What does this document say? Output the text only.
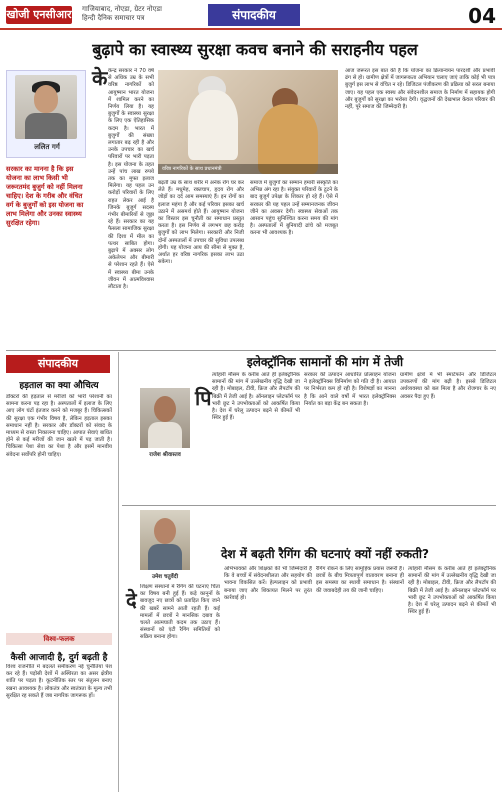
खोजी एनसीआर गाजियाबाद, नोएडा, ग्रेटर नोएडा
हिन्दी दैनिक समाचार पत्र	संपादकीय	04
बुढ़ापे का स्वास्थ्य सुरक्षा कवच बनाने की सराहनीय पहल
ललित गर्ग
सरकार का मानना है कि इस योजना का लाभ किसी भी जरूरतमंद बुजुर्ग को नहीं मिलना चाहिए। देश के गरीब और वंचित वर्ग के बुजुर्गों को इस योजना का लाभ मिलेगा और उनका स्वास्थ्य सुरक्षित रहेगा।
के केन्द्र सरकार ने 70 वर्ष से अधिक उम्र के सभी वरिष्ठ नागरिकों को आयुष्मान भारत योजना में शामिल करने का निर्णय लिया है। यह बुजुर्गों के स्वास्थ्य सुरक्षा के लिए एक ऐतिहासिक कदम है। भारत में बुजुर्गों की संख्या लगातार बढ़ रही है और उनके उपचार का खर्च परिवारों पर भारी पड़ता है। इस योजना के तहत उन्हें पांच लाख रुपये तक का मुफ्त इलाज मिलेगा। यह पहल उन करोड़ों परिवारों के लिए राहत लेकर आई है जिनके बुजुर्ग सदस्य गंभीर बीमारियों से जूझ रहे हैं। सरकार का यह फैसला सामाजिक सुरक्षा की दिशा में मील का पत्थर साबित होगा। बुढ़ापे में अक्सर लोग अकेलेपन और बीमारी से परेशान रहते हैं। ऐसे में स्वास्थ्य बीमा उनके जीवन में आत्मविश्वास लौटाता है।
वरिष्ठ नागरिकों के साथ प्रधानमंत्री
बढ़ती उम्र के साथ शरीर में अनेक रोग घर कर लेते हैं। मधुमेह, रक्तचाप, हृदय रोग और जोड़ों का दर्द आम समस्याएं हैं। इन रोगों का इलाज महंगा है और कई परिवार इसका खर्च उठाने में असमर्थ होते हैं। आयुष्मान योजना का विस्तार इस चुनौती का समाधान प्रस्तुत करता है। इस निर्णय से लगभग छह करोड़ बुजुर्गों को लाभ मिलेगा। सरकारी और निजी दोनों अस्पतालों में उपचार की सुविधा उपलब्ध होगी। यह योजना आय की सीमा से मुक्त है, अर्थात हर वरिष्ठ नागरिक इसका लाभ उठा सकेगा।
समाज में बुजुर्गों का सम्मान हमारी संस्कृति का अभिन्न अंग रहा है। संयुक्त परिवारों के टूटने के बाद बुजुर्ग उपेक्षा के शिकार हो रहे हैं। ऐसे में सरकार की यह पहल उन्हें सम्मानजनक जीवन जीने का अवसर देगी। स्वास्थ्य सेवाओं तक आसान पहुंच सुनिश्चित करना समय की मांग है। अस्पतालों में बुनियादी ढांचे को मजबूत करना भी आवश्यक है।
आज जरूरत इस बात की है कि योजना का क्रियान्वयन पारदर्शी और प्रभावी ढंग से हो। ग्रामीण क्षेत्रों में जागरूकता अभियान चलाए जाएं ताकि कोई भी पात्र बुजुर्ग इस लाभ से वंचित न रहे। डिजिटल पंजीकरण की प्रक्रिया को सरल बनाया जाए। यह पहल एक स्वस्थ और संवेदनशील समाज के निर्माण में सहायक होगी और बुजुर्गों को सुरक्षा का भरोसा देगी। वृद्धजनों की देखभाल केवल परिवार की नहीं, पूरे समाज की जिम्मेदारी है।
संपादकीय
हड़ताल का क्या औचित्य
डॉक्टरों की हड़ताल से मरीजों को भारी परेशानी का सामना करना पड़ रहा है। अस्पतालों में इलाज के लिए आए लोग घंटों इंतजार करने को मजबूर हैं। चिकित्सकों की सुरक्षा एक गंभीर विषय है, लेकिन हड़ताल इसका समाधान नहीं है। सरकार और डॉक्टरों को संवाद के माध्यम से रास्ता निकालना चाहिए। आपात सेवाएं बाधित होने से कई मरीजों की जान खतरे में पड़ जाती है। चिकित्सा पेशा सेवा का पेशा है और इसमें मानवीय संवेदना सर्वोपरि होनी चाहिए।
विश्व-फलक
कैसी आजादी है, दुर्ग बढ़ती है
विश्व राजनीति में बदलते समीकरण नई चुनौतियां पेश कर रहे हैं। पड़ोसी देशों में अस्थिरता का असर क्षेत्रीय शांति पर पड़ता है। कूटनीतिक स्तर पर संतुलन बनाए रखना आवश्यक है। लोकतंत्र और स्वतंत्रता के मूल्य तभी सुरक्षित रह सकते हैं जब नागरिक जागरूक हों।
इलेक्ट्रॉनिक सामानों की मांग में तेजी
राजेश श्रीवास्तव
पि
त्योहारी मौसम के करीब आते ही इलेक्ट्रॉनिक सामानों की मांग में उल्लेखनीय वृद्धि देखी जा रही है। मोबाइल, टीवी, फ्रिज और लैपटॉप की बिक्री में तेजी आई है। ऑनलाइन प्लेटफॉर्म पर भारी छूट ने उपभोक्ताओं को आकर्षित किया है। देश में घरेलू उत्पादन बढ़ने से कीमतें भी स्थिर हुई हैं।
सरकार की उत्पादन आधारित प्रोत्साहन योजना ने इलेक्ट्रॉनिक्स विनिर्माण को गति दी है। आयात पर निर्भरता कम हो रही है। विशेषज्ञों का मानना है कि आने वाले वर्षों में भारत इलेक्ट्रॉनिक्स निर्यात का बड़ा केंद्र बन सकता है।
ग्रामीण क्षेत्रों में भी स्मार्टफोन और डिजिटल उपकरणों की मांग बढ़ी है। इससे डिजिटल अर्थव्यवस्था को बल मिला है और रोजगार के नए अवसर पैदा हुए हैं।
उमेश चतुर्वेदी
देश में बढ़ती रैगिंग की घटनाएं क्यों नहीं रुकती?
दे
शिक्षण संस्थानों में रैगिंग की घटनाएं चिंता का विषय बनी हुई हैं। कड़े कानूनों के बावजूद नए छात्रों को प्रताड़ित किए जाने की खबरें सामने आती रहती हैं। कई मामलों में छात्रों ने मानसिक दबाव के चलते आत्मघाती कदम तक उठाए हैं। संस्थानों को एंटी रैगिंग समितियों को सक्रिय बनाना होगा।
अभिभावकों और शिक्षकों की भी जिम्मेदारी है कि वे बच्चों में संवेदनशीलता और सहयोग की भावना विकसित करें। हेल्पलाइन को प्रभावी बनाया जाए और शिकायत मिलने पर तुरंत कार्रवाई हो।
रैगिंग रोकने के लिए सामूहिक प्रयास जरूरी है। छात्रों के बीच मित्रतापूर्ण वातावरण बनाना ही इस समस्या का स्थायी समाधान है। संस्थानों की जवाबदेही तय की जानी चाहिए।
त्योहारी मौसम के करीब आते ही इलेक्ट्रॉनिक सामानों की मांग में उल्लेखनीय वृद्धि देखी जा रही है। मोबाइल, टीवी, फ्रिज और लैपटॉप की बिक्री में तेजी आई है। ऑनलाइन प्लेटफॉर्म पर भारी छूट ने उपभोक्ताओं को आकर्षित किया है। देश में घरेलू उत्पादन बढ़ने से कीमतें भी स्थिर हुई हैं।
